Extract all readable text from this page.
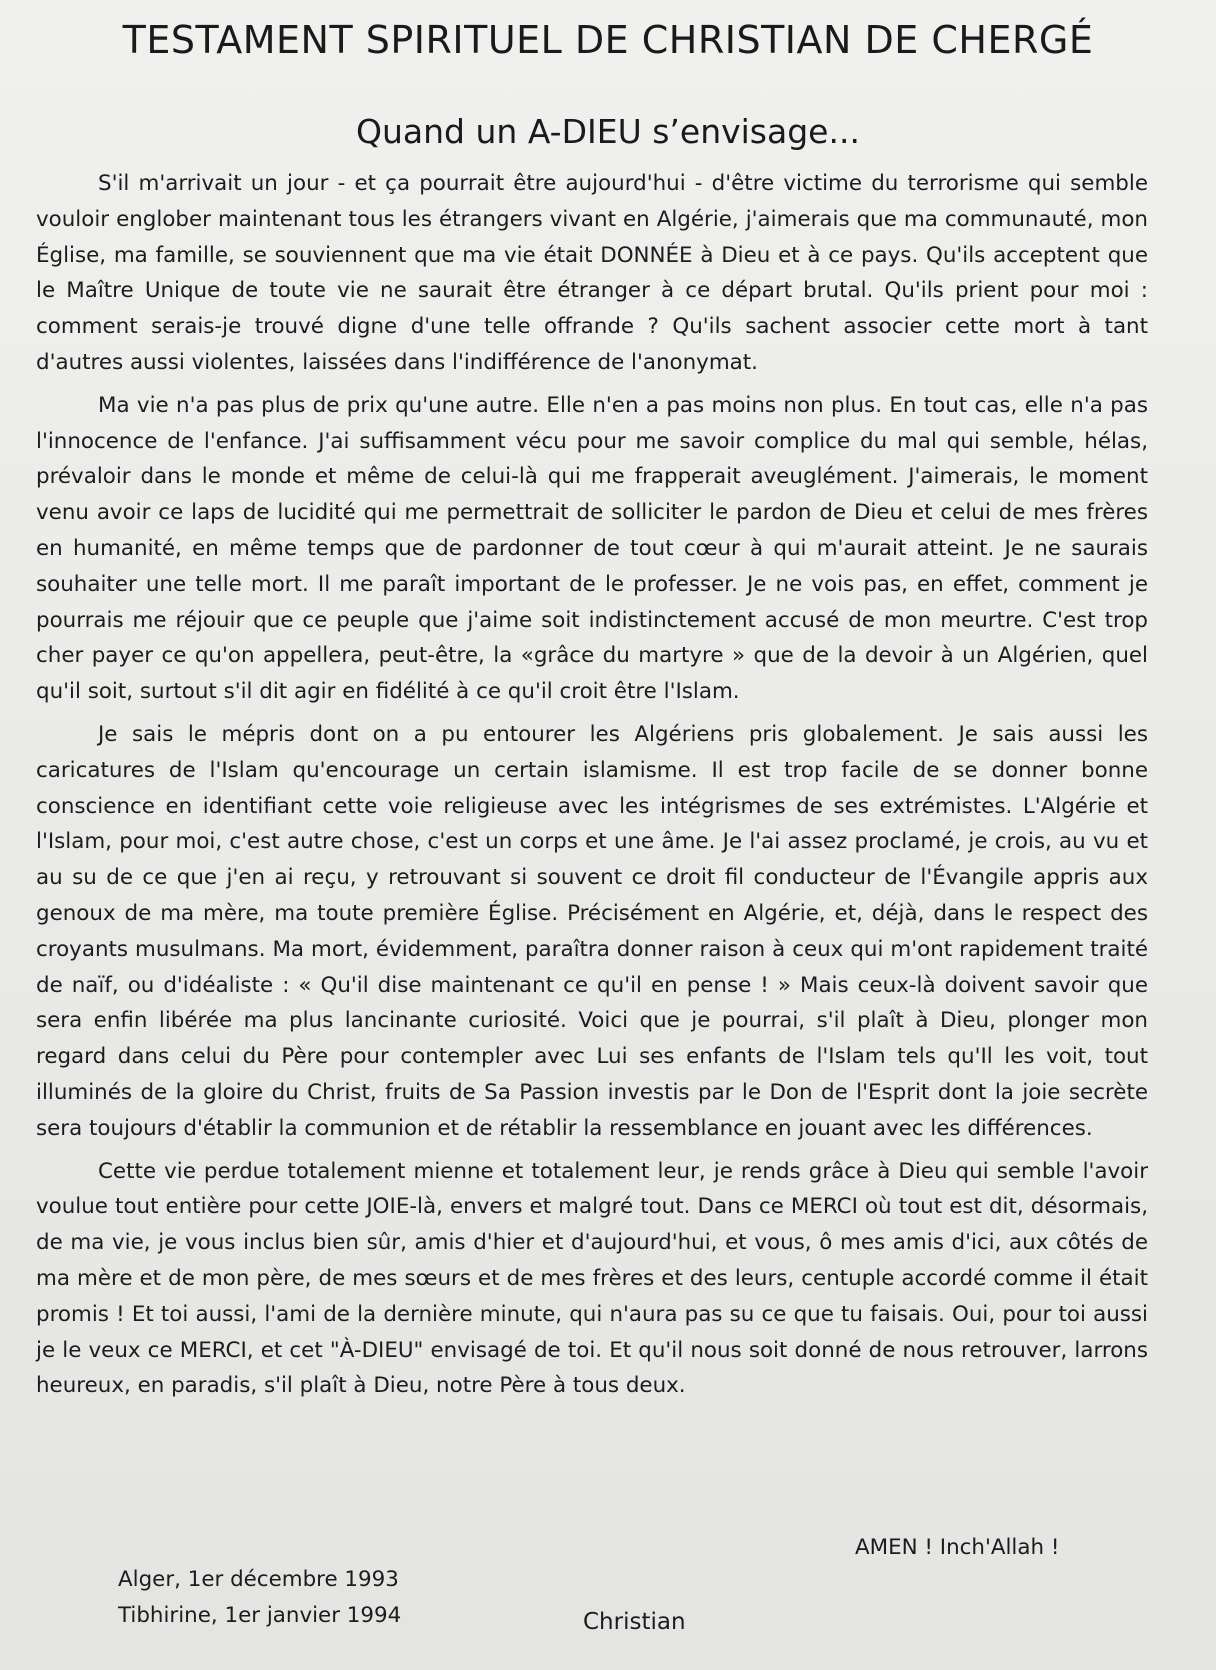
TESTAMENT SPIRITUEL DE CHRISTIAN DE CHERGÉ
Quand un A-DIEU s’envisage...

S'il m'arrivait un jour - et ça pourrait être aujourd'hui - d'être victime du terrorisme qui semble vouloir englober maintenant tous les étrangers vivant en Algérie, j'aimerais que ma communauté, mon Église, ma famille, se souviennent que ma vie était DONNÉE à Dieu et à ce pays. Qu'ils acceptent que le Maître Unique de toute vie ne saurait être étranger à ce départ brutal. Qu'ils prient pour moi : comment serais-je trouvé digne d'une telle offrande ? Qu'ils sachent associer cette mort à tant d'autres aussi violentes, laissées dans l'indifférence de l'anonymat.

Ma vie n'a pas plus de prix qu'une autre. Elle n'en a pas moins non plus. En tout cas, elle n'a pas l'innocence de l'enfance. J'ai suffisamment vécu pour me savoir complice du mal qui semble, hélas, prévaloir dans le monde et même de celui-là qui me frapperait aveuglément. J'aimerais, le moment venu avoir ce laps de lucidité qui me permettrait de solliciter le pardon de Dieu et celui de mes frères en humanité, en même temps que de pardonner de tout cœur à qui m'aurait atteint. Je ne saurais souhaiter une telle mort. Il me paraît important de le professer. Je ne vois pas, en effet, comment je pourrais me réjouir que ce peuple que j'aime soit indistinctement accusé de mon meurtre. C'est trop cher payer ce qu'on appellera, peut-être, la «grâce du martyre » que de la devoir à un Algérien, quel qu'il soit, surtout s'il dit agir en fidélité à ce qu'il croit être l'Islam.

Je sais le mépris dont on a pu entourer les Algériens pris globalement. Je sais aussi les caricatures de l'Islam qu'encourage un certain islamisme. Il est trop facile de se donner bonne conscience en identifiant cette voie religieuse avec les intégrismes de ses extrémistes. L'Algérie et l'Islam, pour moi, c'est autre chose, c'est un corps et une âme. Je l'ai assez proclamé, je crois, au vu et au su de ce que j'en ai reçu, y retrouvant si souvent ce droit fil conducteur de l'Évangile appris aux genoux de ma mère, ma toute première Église. Précisément en Algérie, et, déjà, dans le respect des croyants musulmans. Ma mort, évidemment, paraîtra donner raison à ceux qui m'ont rapidement traité de naïf, ou d'idéaliste : « Qu'il dise maintenant ce qu'il en pense ! » Mais ceux-là doivent savoir que sera enfin libérée ma plus lancinante curiosité. Voici que je pourrai, s'il plaît à Dieu, plonger mon regard dans celui du Père pour contempler avec Lui ses enfants de l'Islam tels qu'Il les voit, tout illuminés de la gloire du Christ, fruits de Sa Passion investis par le Don de l'Esprit dont la joie secrète sera toujours d'établir la communion et de rétablir la ressemblance en jouant avec les différences.

Cette vie perdue totalement mienne et totalement leur, je rends grâce à Dieu qui semble l'avoir voulue tout entière pour cette JOIE-là, envers et malgré tout. Dans ce MERCI où tout est dit, désormais, de ma vie, je vous inclus bien sûr, amis d'hier et d'aujourd'hui, et vous, ô mes amis d'ici, aux côtés de ma mère et de mon père, de mes sœurs et de mes frères et des leurs, centuple accordé comme il était promis ! Et toi aussi, l'ami de la dernière minute, qui n'aura pas su ce que tu faisais. Oui, pour toi aussi je le veux ce MERCI, et cet "À-DIEU" envisagé de toi. Et qu'il nous soit donné de nous retrouver, larrons heureux, en paradis, s'il plaît à Dieu, notre Père à tous deux.

AMEN ! Inch'Allah !
Alger, 1er décembre 1993
Tibhirine, 1er janvier 1994	Christian
